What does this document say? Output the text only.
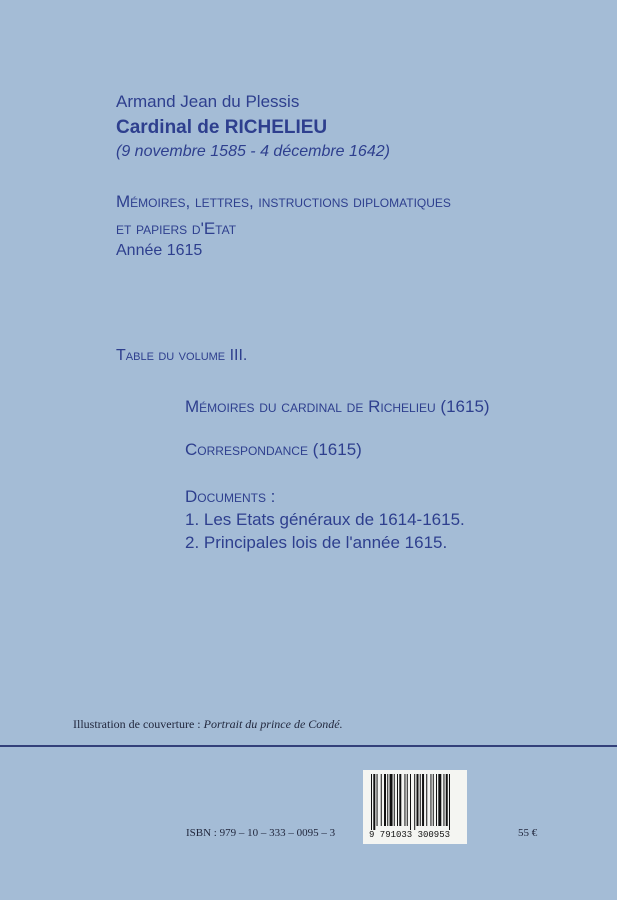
Armand Jean du Plessis
Cardinal de RICHELIEU
(9 novembre 1585 - 4 décembre 1642)
Mémoires, lettres, instructions diplomatiques
et papiers d'Etat
Année 1615
Table du volume III.
Mémoires du cardinal de Richelieu (1615)
Correspondance (1615)
Documents :
1. Les Etats généraux de 1614-1615.
2. Principales lois de l'année 1615.
Illustration de couverture : Portrait du prince de Condé.
9 791033 300953
ISBN : 979 – 10 – 333 – 0095 – 3	55 €
